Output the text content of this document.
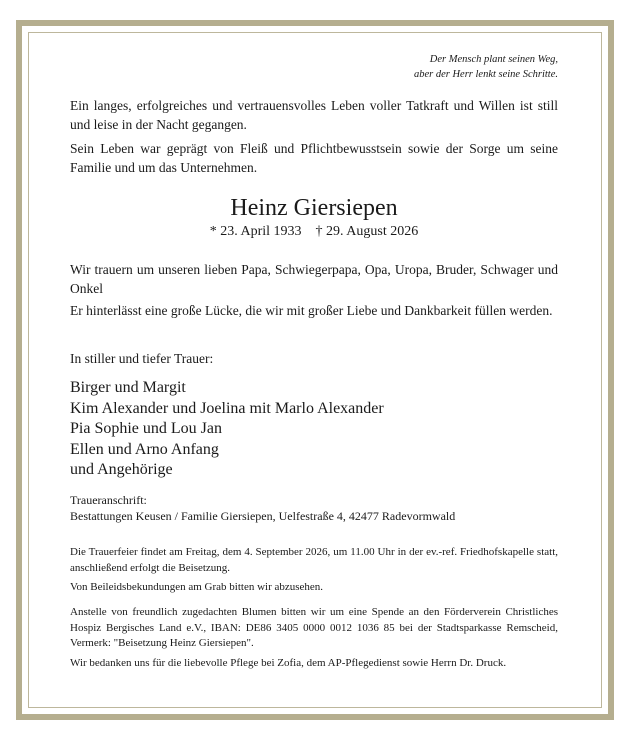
Der Mensch plant seinen Weg,
aber der Herr lenkt seine Schritte.

Ein langes, erfolgreiches und vertrauensvolles Leben voller Tatkraft und Willen ist still und leise in der Nacht gegangen.

Sein Leben war geprägt von Fleiß und Pflichtbewusstsein sowie der Sorge um seine Familie und um das Unternehmen.

Heinz Giersiepen
* 23. April 1933 † 29. August 2026

Wir trauern um unseren lieben Papa, Schwiegerpapa, Opa, Uropa, Bruder, Schwager und Onkel

Er hinterlässt eine große Lücke, die wir mit großer Liebe und Dankbarkeit füllen werden.

In stiller und tiefer Trauer:

Birger und Margit
Kim Alexander und Joelina mit Marlo Alexander
Pia Sophie und Lou Jan
Ellen und Arno Anfang
und Angehörige
Traueranschrift:
Bestattungen Keusen / Familie Giersiepen, Uelfestraße 4, 42477 Radevormwald

Die Trauerfeier findet am Freitag, dem 4. September 2026, um 11.00 Uhr in der ev.-ref. Friedhofskapelle statt, anschließend erfolgt die Beisetzung.

Von Beileidsbekundungen am Grab bitten wir abzusehen.

Anstelle von freundlich zugedachten Blumen bitten wir um eine Spende an den Förderverein Christliches Hospiz Bergisches Land e.V., IBAN: DE86 3405 0000 0012 1036 85 bei der Stadtsparkasse Remscheid, Vermerk: "Beisetzung Heinz Giersiepen".

Wir bedanken uns für die liebevolle Pflege bei Zofia, dem AP-Pflegedienst sowie Herrn Dr. Druck.
